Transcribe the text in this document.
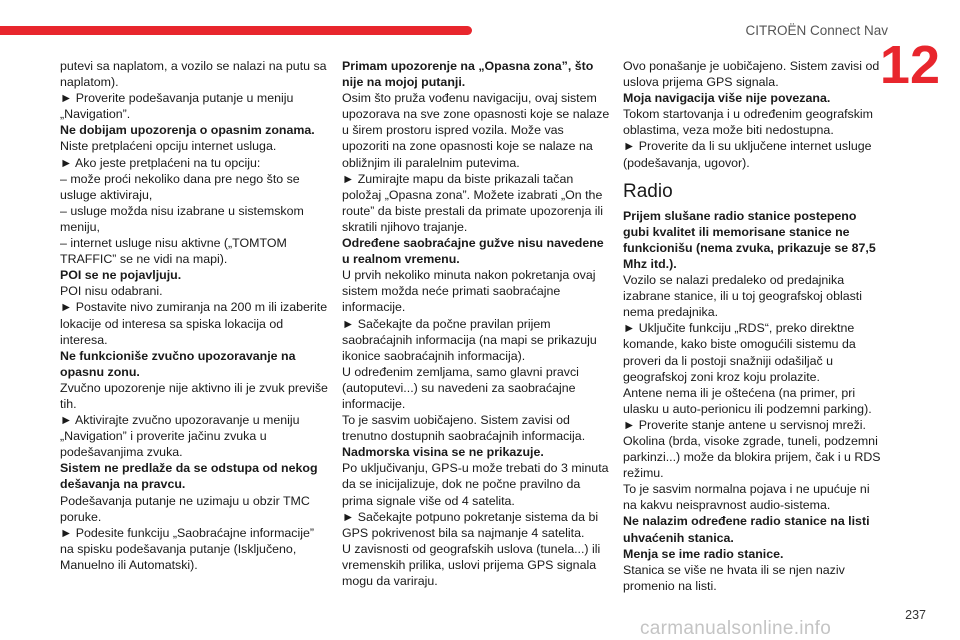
CITROËN Connect Nav
12

putevi sa naplatom, a vozilo se nalazi na putu sa naplatom).

► Proverite podešavanja putanje u meniju „Navigation”.

Ne dobijam upozorenja o opasnim zonama.

Niste pretplaćeni opciju internet usluga.

► Ako jeste pretplaćeni na tu opciju:

– može proći nekoliko dana pre nego što se usluge aktiviraju,

– usluge možda nisu izabrane u sistemskom meniju,

– internet usluge nisu aktivne („TOMTOM TRAFFIC” se ne vidi na mapi).

POI se ne pojavljuju.

POI nisu odabrani.

► Postavite nivo zumiranja na 200 m ili izaberite lokacije od interesa sa spiska lokacija od interesa.

Ne funkcioniše zvučno upozoravanje na opasnu zonu.

Zvučno upozorenje nije aktivno ili je zvuk previše tih.

► Aktivirajte zvučno upozoravanje u meniju „Navigation” i proverite jačinu zvuka u podešavanjima zvuka.

Sistem ne predlaže da se odstupa od nekog dešavanja na pravcu.

Podešavanja putanje ne uzimaju u obzir TMC poruke.

► Podesite funkciju „Saobraćajne informacije” na spisku podešavanja putanje (Isključeno, Manuelno ili Automatski).

Primam upozorenje na „Opasna zona”, što nije na mojoj putanji.

Osim što pruža vođenu navigaciju, ovaj sistem upozorava na sve zone opasnosti koje se nalaze u širem prostoru ispred vozila. Može vas upozoriti na zone opasnosti koje se nalaze na obližnjim ili paralelnim putevima.

► Zumirajte mapu da biste prikazali tačan položaj „Opasna zona”. Možete izabrati „On the route” da biste prestali da primate upozorenja ili skratili njihovo trajanje.

Određene saobraćajne gužve nisu navedene u realnom vremenu.

U prvih nekoliko minuta nakon pokretanja ovaj sistem možda neće primati saobraćajne informacije.

► Sačekajte da počne pravilan prijem saobraćajnih informacija (na mapi se prikazuju ikonice saobraćajnih informacija).

U određenim zemljama, samo glavni pravci (autoputevi...) su navedeni za saobraćajne informacije.

To je sasvim uobičajeno. Sistem zavisi od trenutno dostupnih saobraćajnih informacija.

Nadmorska visina se ne prikazuje.

Po uključivanju, GPS-u može trebati do 3 minuta da se inicijalizuje, dok ne počne pravilno da prima signale više od 4 satelita.

► Sačekajte potpuno pokretanje sistema da bi GPS pokrivenost bila sa najmanje 4 satelita.

U zavisnosti od geografskih uslova (tunela...) ili vremenskih prilika, uslovi prijema GPS signala mogu da variraju.

Ovo ponašanje je uobičajeno. Sistem zavisi od uslova prijema GPS signala.

Moja navigacija više nije povezana.

Tokom startovanja i u određenim geografskim oblastima, veza može biti nedostupna.

► Proverite da li su uključene internet usluge (podešavanja, ugovor).

Radio

Prijem slušane radio stanice postepeno gubi kvalitet ili memorisane stanice ne funkcionišu (nema zvuka, prikazuje se 87,5 Mhz itd.).

Vozilo se nalazi predaleko od predajnika izabrane stanice, ili u toj geografskoj oblasti nema predajnika.

► Uključite funkciju „RDS“, preko direktne komande, kako biste omogućili sistemu da proveri da li postoji snažniji odašiljač u geografskoj zoni kroz koju prolazite.

Antene nema ili je oštećena (na primer, pri ulasku u auto-perionicu ili podzemni parking).

► Proverite stanje antene u servisnoj mreži.

Okolina (brda, visoke zgrade, tuneli, podzemni parkinzi...) može da blokira prijem, čak i u RDS režimu.

To je sasvim normalna pojava i ne upućuje ni na kakvu neispravnost audio-sistema.

Ne nalazim određene radio stanice na listi uhvaćenih stanica.

Menja se ime radio stanice.

Stanica se više ne hvata ili se njen naziv promenio na listi.

237
carmanualsonline.info
